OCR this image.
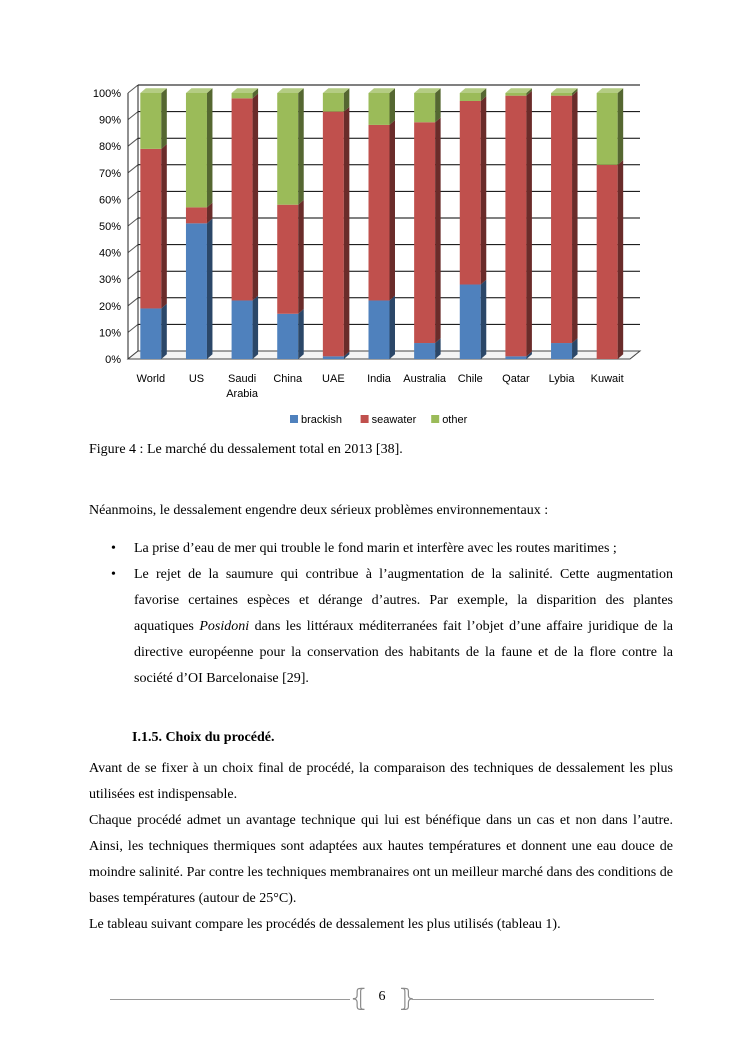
0%
10%
20%
30%
40%
50%
60%
70%
80%
90%
100%
World US Saudi Arabia
China UAE India Australia Chile Qatar Lybia Kuwait
brackish	seawater other
Figure 4 : Le marché du dessalement total en 2013 [38].
Néanmoins, le dessalement engendre deux sérieux problèmes environnementaux :
• La prise d’eau de mer qui trouble le fond marin et interfère avec les routes maritimes ;
• Le rejet de la saumure qui contribue à l’augmentation de la salinité. Cette augmentation favorise certaines espèces et dérange d’autres. Par exemple, la disparition des plantes aquatiques Posidoni dans les littéraux méditerranées fait l’objet d’une affaire juridique de la directive européenne pour la conservation des habitants de la faune et de la flore contre la société d’OI Barcelonaise [29].
I.1.5. Choix du procédé.
Avant de se fixer à un choix final de procédé, la comparaison des techniques de dessalement les plus utilisées est indispensable.
Chaque procédé admet un avantage technique qui lui est bénéfique dans un cas et non dans l’autre. Ainsi, les techniques thermiques sont adaptées aux hautes températures et donnent une eau douce de moindre salinité. Par contre les techniques membranaires ont un meilleur marché dans des conditions de bases températures (autour de 25°C).
Le tableau suivant compare les procédés de dessalement les plus utilisés (tableau 1).
⦃ 6 ⦄
